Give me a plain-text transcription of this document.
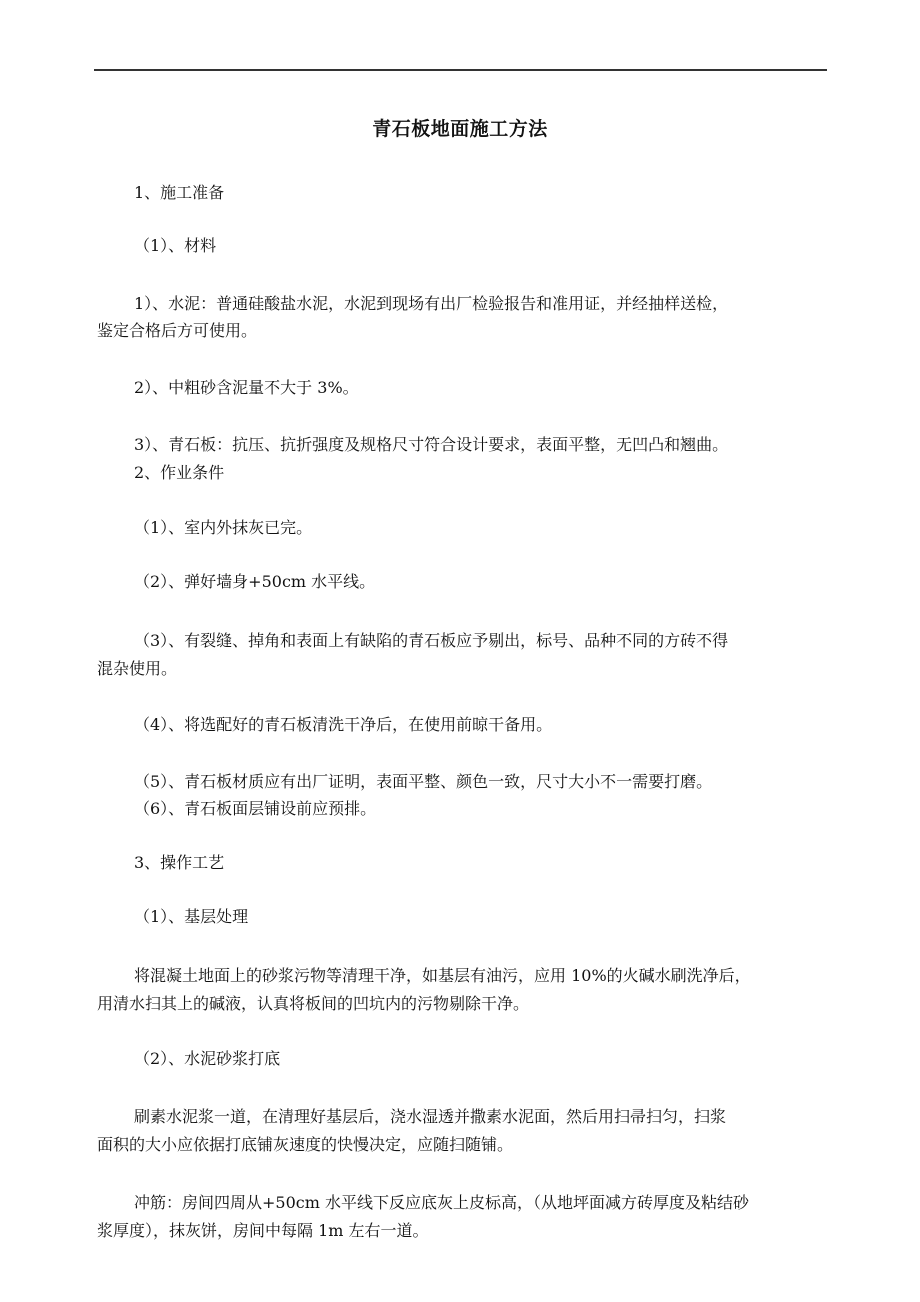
青石板地面施工方法
1、施工准备
（1）、材料
1）、水泥：普通硅酸盐水泥，水泥到现场有出厂检验报告和准用证，并经抽样送检，
鉴定合格后方可使用。
2）、中粗砂含泥量不大于 3%。
3）、青石板：抗压、抗折强度及规格尺寸符合设计要求，表面平整，无凹凸和翘曲。
2、作业条件
（1）、室内外抹灰已完。
（2）、弹好墙身+50cm 水平线。
（3）、有裂缝、掉角和表面上有缺陷的青石板应予剔出，标号、品种不同的方砖不得
混杂使用。
（4）、将选配好的青石板清洗干净后，在使用前晾干备用。
（5）、青石板材质应有出厂证明，表面平整、颜色一致，尺寸大小不一需要打磨。
（6）、青石板面层铺设前应预排。
3、操作工艺
（1）、基层处理
将混凝土地面上的砂浆污物等清理干净，如基层有油污，应用 10%的火碱水刷洗净后，
用清水扫其上的碱液，认真将板间的凹坑内的污物剔除干净。
（2）、水泥砂浆打底
刷素水泥浆一道，在清理好基层后，浇水湿透并撒素水泥面，然后用扫帚扫匀，扫浆
面积的大小应依据打底铺灰速度的快慢决定，应随扫随铺。
冲筋：房间四周从+50cm 水平线下反应底灰上皮标高，（从地坪面减方砖厚度及粘结砂
浆厚度），抹灰饼，房间中每隔 1m 左右一道。
